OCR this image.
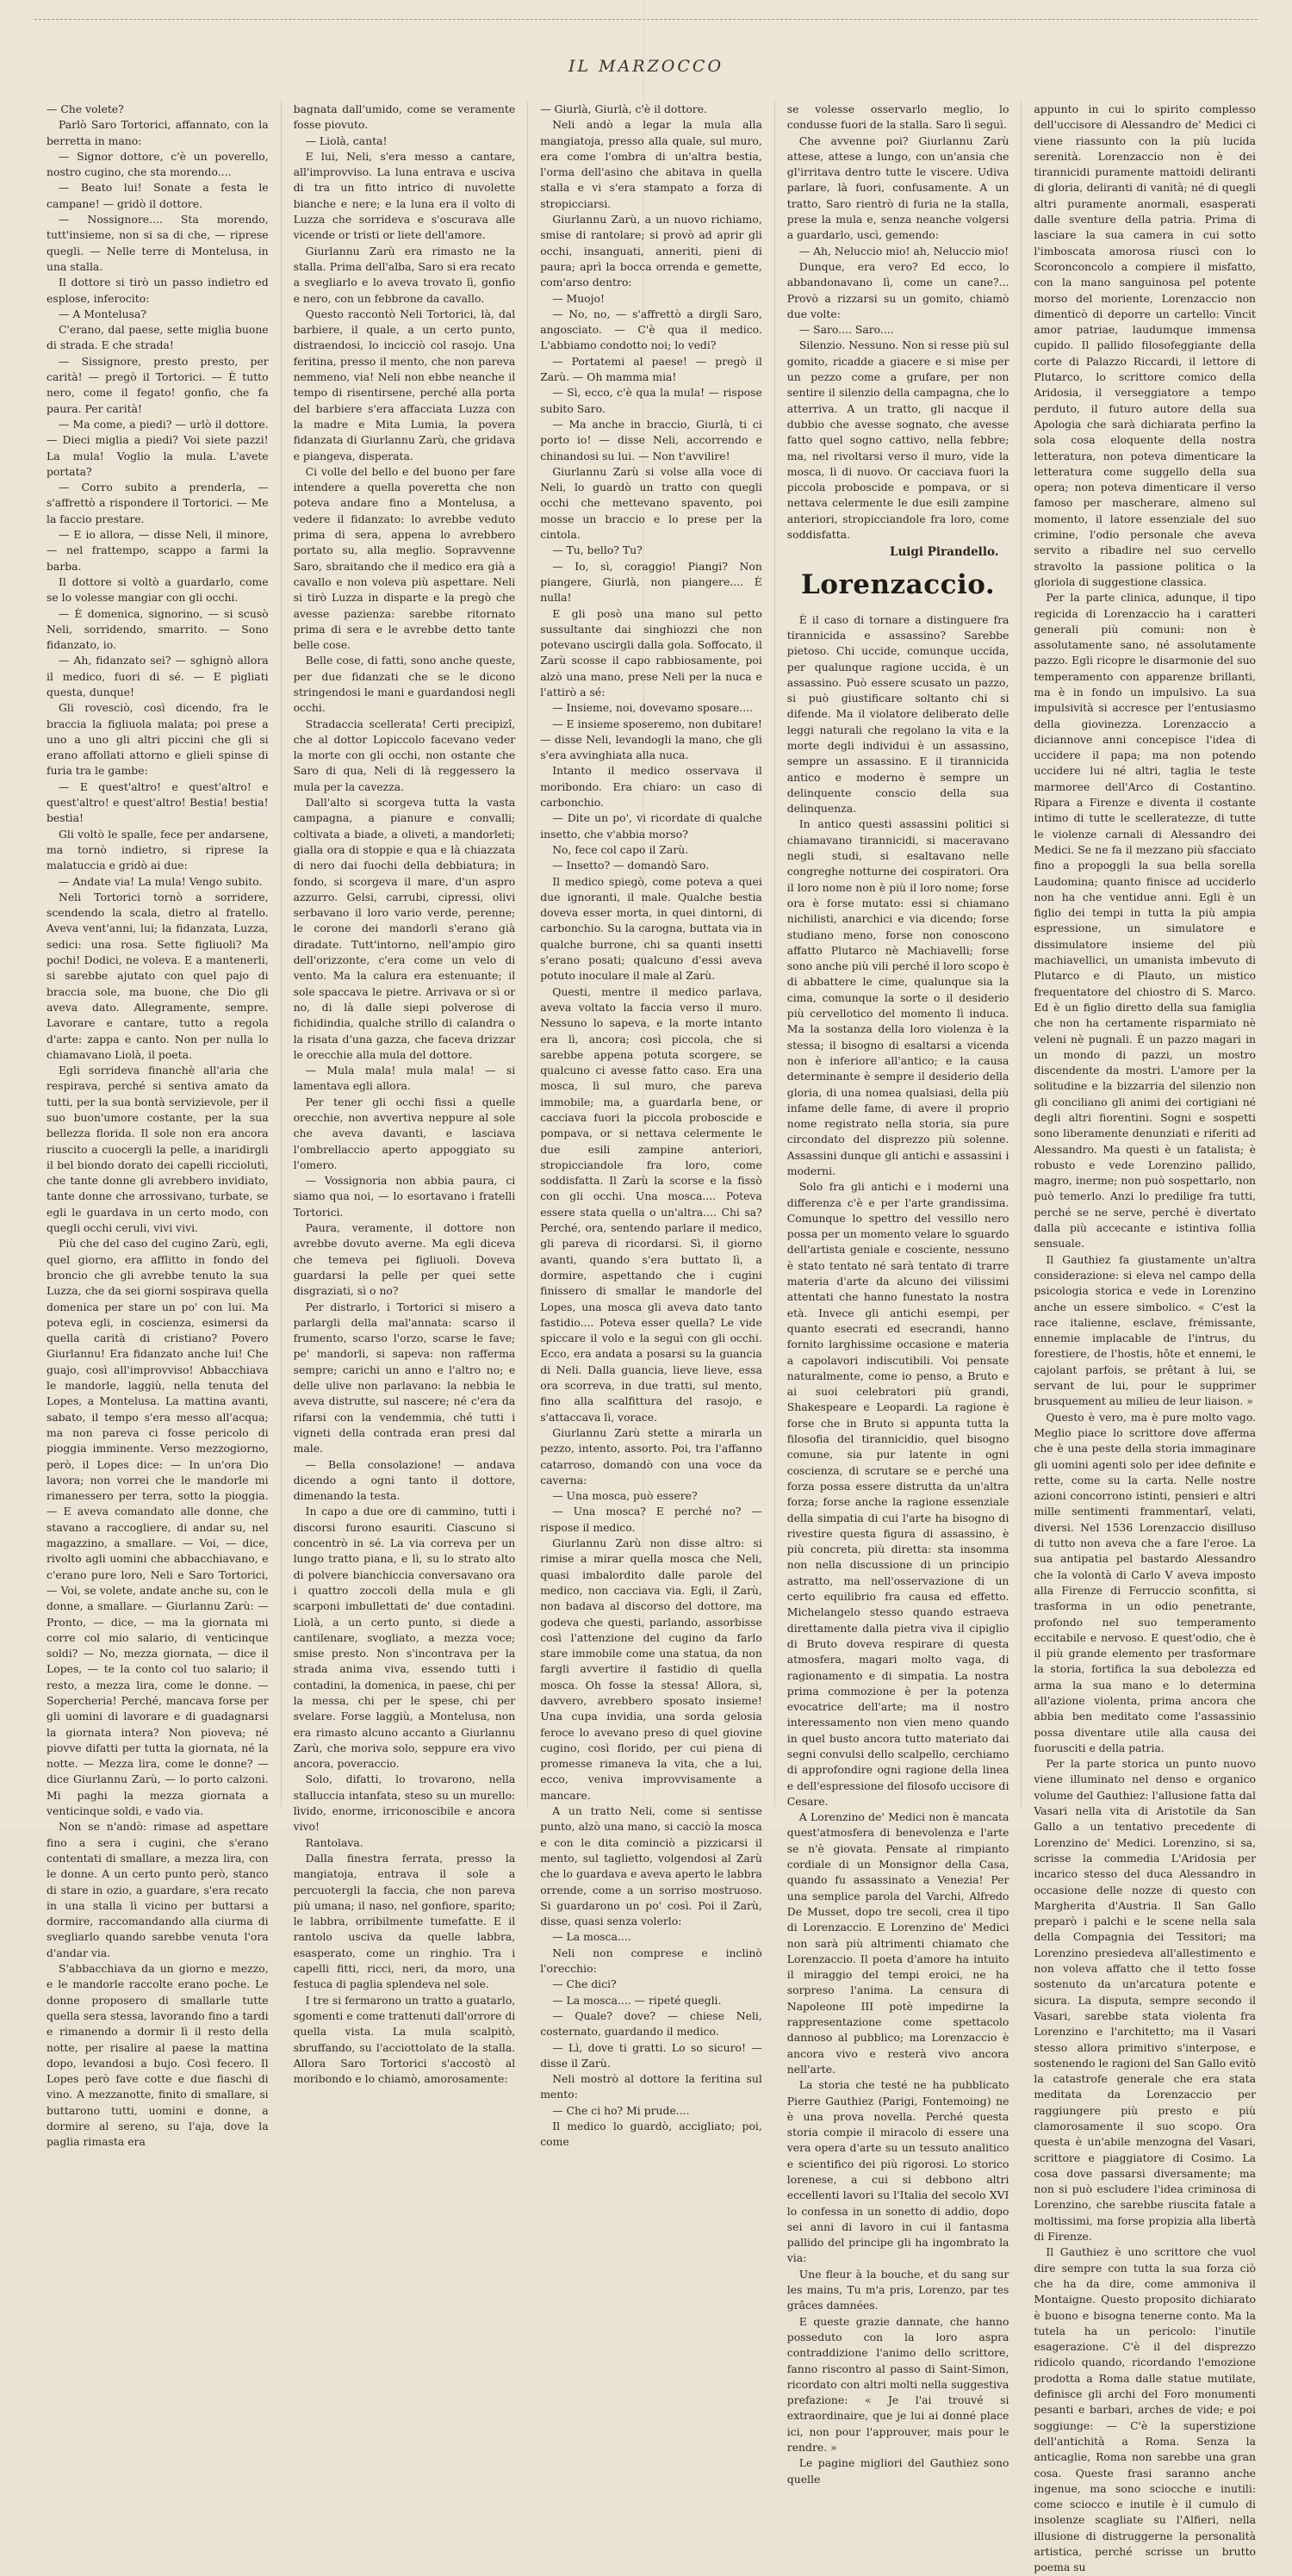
IL MARZOCCO

— Che volete?

Parlò Saro Tortorici, affannato, con la berretta in mano:

— Signor dottore, c'è un poverello, nostro cugino, che sta morendo....

— Beato lui! Sonate a festa le campane! — gridò il dottore.

— Nossignore.... Sta morendo, tutt'insieme, non si sa di che, — riprese quegli. — Nelle terre di Montelusa, in una stalla.

Il dottore si tirò un passo indietro ed esplose, inferocito:

— A Montelusa?

C'erano, dal paese, sette miglia buone di strada. E che strada!

— Sissignore, presto presto, per carità! — pregò il Tortorici. — È tutto nero, come il fegato! gonfio, che fa paura. Per carità!

— Ma come, a piedi? — urlò il dottore. — Dieci miglia a piedi? Voi siete pazzi! La mula! Voglio la mula. L'avete portata?

— Corro subito a prenderla, — s'affrettò a rispondere il Tortorici. — Me la faccio prestare.

— E io allora, — disse Neli, il minore, — nel frattempo, scappo a farmi la barba.

Il dottore si voltò a guardarlo, come se lo volesse mangiar con gli occhi.

— È domenica, signorino, — si scusò Neli, sorridendo, smarrito. — Sono fidanzato, io.

— Ah, fidanzato sei? — sghignò allora il medico, fuori di sé. — E pìgliati questa, dunque!

Gli rovesciò, così dicendo, fra le braccia la figliuola malata; poi prese a uno a uno gli altri piccini che gli si erano affollati attorno e glieli spinse di furia tra le gambe:

— E quest'altro! e quest'altro! e quest'altro! e quest'altro! Bestia! bestia! bestia!

Gli voltò le spalle, fece per andarsene, ma tornò indietro, si riprese la malatuccia e gridò ai due:

— Andate via! La mula! Vengo subito.

Neli Tortorici tornò a sorridere, scendendo la scala, dietro al fratello. Aveva vent'anni, lui; la fidanzata, Luzza, sedici: una rosa. Sette figliuoli? Ma pochi! Dodici, ne voleva. E a mantenerli, si sarebbe ajutato con quel pajo di braccia sole, ma buone, che Dio gli aveva dato. Allegramente, sempre. Lavorare e cantare, tutto a regola d'arte: zappa e canto. Non per nulla lo chiamavano Liolà, il poeta.

Egli sorrideva financhè all'aria che respirava, perché si sentiva amato da tutti, per la sua bontà servizievole, per il suo buon'umore costante, per la sua bellezza florida. Il sole non era ancora riuscito a cuocergli la pelle, a inaridirgli il bel biondo dorato dei capelli ricciolutì, che tante donne gli avrebbero invidiato, tante donne che arrossivano, turbate, se egli le guardava in un certo modo, con quegli occhi ceruli, vivi vivi.

Più che del caso del cugino Zarù, egli, quel giorno, era afflitto in fondo del broncio che gli avrebbe tenuto la sua Luzza, che da sei giorni sospirava quella domenica per stare un po' con lui. Ma poteva egli, in coscienza, esimersi da quella carità di cristiano? Povero Giurlannu! Era fidanzato anche lui! Che guajo, così all'improvviso! Abbacchiava le mandorle, laggiù, nella tenuta del Lopes, a Montelusa. La mattina avanti, sabato, il tempo s'era messo all'acqua; ma non pareva ci fosse pericolo di pioggia imminente. Verso mezzogiorno, però, il Lopes dice: — In un'ora Dio lavora; non vorrei che le mandorle mi rimanessero per terra, sotto la pioggia. — E aveva comandato alle donne, che stavano a raccogliere, di andar su, nel magazzino, a smallare. — Voi, — dice, rivolto agli uomini che abbacchiavano, e c'erano pure loro, Neli e Saro Tortorici, — Voi, se volete, andate anche su, con le donne, a smallare. — Giurlannu Zarù: — Pronto, — dice, — ma la giornata mi corre col mio salario, di venticinque soldi? — No, mezza giornata, — dice il Lopes, — te la conto col tuo salario; il resto, a mezza lira, come le donne. — Sopercheria! Perché, mancava forse per gli uomini di lavorare e di guadagnarsi la giornata intera? Non pioveva; né piovve difatti per tutta la giornata, né la notte. — Mezza lira, come le donne? — dice Giurlannu Zarù, — lo porto calzoni. Mi paghi la mezza giornata a venticinque soldi, e vado via.

Non se n'andò: rimase ad aspettare fino a sera i cugini, che s'erano contentati di smallare, a mezza lira, con le donne. A un certo punto però, stanco di stare in ozio, a guardare, s'era recato in una stalla lì vicino per buttarsi a dormire, raccomandando alla ciurma di svegliarlo quando sarebbe venuta l'ora d'andar via.

S'abbacchiava da un giorno e mezzo, e le mandorle raccolte erano poche. Le donne proposero di smallarle tutte quella sera stessa, lavorando fino a tardi e rimanendo a dormir lì il resto della notte, per risalire al paese la mattina dopo, levandosi a bujo. Così fecero. Il Lopes però fave cotte e due fiaschi di vino. A mezzanotte, finito di smallare, si buttarono tutti, uomini e donne, a dormire al sereno, su l'aja, dove la paglia rimasta era

bagnata dall'umido, come se veramente fosse piovuto.

— Liolà, canta!

E lui, Neli, s'era messo a cantare, all'improvviso. La luna entrava e usciva di tra un fitto intrico di nuvolette bianche e nere; e la luna era il volto di Luzza che sorrideva e s'oscurava alle vicende or tristi or liete dell'amore.

Giurlannu Zarù era rimasto ne la stalla. Prima dell'alba, Saro si era recato a svegliarlo e lo aveva trovato lì, gonfio e nero, con un febbrone da cavallo.

Questo raccontò Neli Tortorici, là, dal barbiere, il quale, a un certo punto, distraendosi, lo incicciò col rasojo. Una feritina, presso il mento, che non pareva nemmeno, via! Neli non ebbe neanche il tempo di risentirsene, perché alla porta del barbiere s'era affacciata Luzza con la madre e Mita Lumia, la povera fidanzata di Giurlannu Zarù, che gridava e piangeva, disperata.

Ci volle del bello e del buono per fare intendere a quella poveretta che non poteva andare fino a Montelusa, a vedere il fidanzato: lo avrebbe veduto prima di sera, appena lo avrebbero portato su, alla meglio. Sopravvenne Saro, sbraitando che il medico era già a cavallo e non voleva più aspettare. Neli si tirò Luzza in disparte e la pregò che avesse pazienza: sarebbe ritornato prima di sera e le avrebbe detto tante belle cose.

Belle cose, di fatti, sono anche queste, per due fidanzati che se le dicono stringendosi le mani e guardandosi negli occhi.

Stradaccia scellerata! Certi precipizî, che al dottor Lopiccolo facevano veder la morte con gli occhi, non ostante che Saro di qua, Neli di là reggessero la mula per la cavezza.

Dall'alto si scorgeva tutta la vasta campagna, a pianure e convalli; coltivata a biade, a oliveti, a mandorleti; gialla ora di stoppie e qua e là chiazzata di nero dai fuochi della debbiatura; in fondo, si scorgeva il mare, d'un aspro azzurro. Gelsi, carrubi, cipressi, olivi serbavano il loro vario verde, perenne; le corone dei mandorli s'erano già diradate. Tutt'intorno, nell'ampio giro dell'orizzonte, c'era come un velo di vento. Ma la calura era estenuante; il sole spaccava le pietre. Arrivava or sì or no, di là dalle siepi polverose di fichidindia, qualche strillo di calandra o la risata d'una gazza, che faceva drizzar le orecchie alla mula del dottore.

— Mula mala! mula mala! — si lamentava egli allora.

Per tener gli occhi fissi a quelle orecchie, non avvertiva neppure al sole che aveva davanti, e lasciava l'ombrellaccio aperto appoggiato su l'omero.

— Vossignoria non abbia paura, ci siamo qua noi, — lo esortavano i fratelli Tortorici.

Paura, veramente, il dottore non avrebbe dovuto averne. Ma egli diceva che temeva pei figliuoli. Doveva guardarsi la pelle per quei sette disgraziati, sì o no?

Per distrarlo, i Tortorici si misero a parlargli della mal'annata: scarso il frumento, scarso l'orzo, scarse le fave; pe' mandorli, si sapeva: non rafferma sempre; carichi un anno e l'altro no; e delle ulive non parlavano: la nebbia le aveva distrutte, sul nascere; né c'era da rifarsi con la vendemmia, ché tutti i vigneti della contrada eran presi dal male.

— Bella consolazione! — andava dicendo a ogni tanto il dottore, dimenando la testa.

In capo a due ore di cammino, tutti i discorsi furono esauriti. Ciascuno si concentrò in sé. La via correva per un lungo tratto piana, e lì, su lo strato alto di polvere bianchiccia conversavano ora i quattro zoccoli della mula e gli scarponi imbullettati de' due contadini. Liolà, a un certo punto, si diede a cantilenare, svogliato, a mezza voce; smise presto. Non s'incontrava per la strada anima viva, essendo tutti i contadini, la domenica, in paese, chi per la messa, chi per le spese, chi per svelare. Forse laggiù, a Montelusa, non era rimasto alcuno accanto a Giurlannu Zarù, che moriva solo, seppure era vivo ancora, poveraccio.

Solo, difatti, lo trovarono, nella stalluccia intanfata, steso su un murello: lìvido, enorme, irriconoscibile e ancora vivo!

Rantolava.

Dalla finestra ferrata, presso la mangiatoja, entrava il sole a percuotergli la faccia, che non pareva più umana; il naso, nel gonfiore, sparito; le labbra, orribilmente tumefatte. E il rantolo usciva da quelle labbra, esasperato, come un ringhio. Tra i capelli fitti, ricci, neri, da moro, una festuca di paglia splendeva nel sole.

I tre si fermarono un tratto a guatarlo, sgomenti e come trattenuti dall'orrore di quella vista. La mula scalpitò, sbruffando, su l'acciottolato de la stalla. Allora Saro Tortorici s'accostò al moribondo e lo chiamò, amorosamente:

— Giurlà, Giurlà, c'è il dottore.

Neli andò a legar la mula alla mangiatoja, presso alla quale, sul muro, era come l'ombra di un'altra bestia, l'orma dell'asino che abitava in quella stalla e vi s'era stampato a forza di stropicciarsi.

Giurlannu Zarù, a un nuovo richiamo, smise di rantolare; si provò ad aprir gli occhi, insanguati, anneriti, pieni di paura; aprì la bocca orrenda e gemette, com'arso dentro:

— Muojo!

— No, no, — s'affrettò a dirgli Saro, angosciato. — C'è qua il medico. L'abbiamo condotto noi; lo vedi?

— Portatemi al paese! — pregò il Zarù. — Oh mamma mia!

— Sì, ecco, c'è qua la mula! — rispose subito Saro.

— Ma anche in braccio, Giurlà, ti ci porto io! — disse Neli, accorrendo e chinandosi su lui. — Non t'avvilire!

Giurlannu Zarù si volse alla voce di Neli, lo guardò un tratto con quegli occhi che mettevano spavento, poi mosse un braccio e lo prese per la cintola.

— Tu, bello? Tu?

— Io, sì, coraggio! Piangi? Non piangere, Giurlà, non piangere.... È nulla!

E gli posò una mano sul petto sussultante dai singhiozzi che non potevano uscirgli dalla gola. Soffocato, il Zarù scosse il capo rabbiosamente, poi alzò una mano, prese Neli per la nuca e l'attirò a sé:

— Insieme, noi, dovevamo sposare....

— E insieme sposeremo, non dubitare! — disse Neli, levandogli la mano, che gli s'era avvinghiata alla nuca.

Intanto il medico osservava il moribondo. Era chiaro: un caso di carbonchio.

— Dite un po', vi ricordate di qualche insetto, che v'abbia morso?

No, fece col capo il Zarù.

— Insetto? — domandò Saro.

Il medico spiegò, come poteva a quei due ignoranti, il male. Qualche bestia doveva esser morta, in quei dintorni, di carbonchio. Su la carogna, buttata via in qualche burrone, chi sa quanti insetti s'erano posati; qualcuno d'essi aveva potuto inoculare il male al Zarù.

Questi, mentre il medico parlava, aveva voltato la faccia verso il muro. Nessuno lo sapeva, e la morte intanto era lì, ancora; così piccola, che si sarebbe appena potuta scorgere, se qualcuno ci avesse fatto caso. Era una mosca, lì sul muro, che pareva immobile; ma, a guardarla bene, or cacciava fuori la piccola proboscide e pompava, or si nettava celermente le due esili zampine anteriori, stropicciandole fra loro, come soddisfatta. Il Zarù la scorse e la fissò con gli occhi. Una mosca.... Poteva essere stata quella o un'altra.... Chi sa? Perché, ora, sentendo parlare il medico, gli pareva di ricordarsi. Sì, il giorno avanti, quando s'era buttato lì, a dormire, aspettando che i cugini finissero di smallar le mandorle del Lopes, una mosca gli aveva dato tanto fastidio.... Poteva esser quella? Le vide spiccare il volo e la seguì con gli occhi. Ecco, era andata a posarsi su la guancia di Neli. Dalla guancia, lieve lieve, essa ora scorreva, in due tratti, sul mento, fino alla scalfittura del rasojo, e s'attaccava lì, vorace.

Giurlannu Zarù stette a mirarla un pezzo, intento, assorto. Poi, tra l'affanno catarroso, domandò con una voce da caverna:

— Una mosca, può essere?

— Una mosca? E perché no? — rispose il medico.

Giurlannu Zarù non disse altro: si rimise a mirar quella mosca che Neli, quasi imbalordito dalle parole del medico, non cacciava via. Egli, il Zarù, non badava al discorso del dottore, ma godeva che questi, parlando, assorbisse così l'attenzione del cugino da farlo stare immobile come una statua, da non fargli avvertire il fastidio di quella mosca. Oh fosse la stessa! Allora, sì, davvero, avrebbero sposato insieme! Una cupa invidia, una sorda gelosia feroce lo avevano preso di quel giovine cugino, così florido, per cui piena di promesse rimaneva la vita, che a lui, ecco, veniva improvvisamente a mancare.

A un tratto Neli, come si sentisse punto, alzò una mano, si cacciò la mosca e con le dita cominciò a pizzicarsi il mento, sul taglietto, volgendosi al Zarù che lo guardava e aveva aperto le labbra orrende, come a un sorriso mostruoso. Si guardarono un po' così. Poi il Zarù, disse, quasi senza volerlo:

— La mosca....

Neli non comprese e inclinò l'orecchio:

— Che dici?

— La mosca.... — ripeté quegli.

— Quale? dove? — chiese Neli, costernato, guardando il medico.

— Lì, dove ti gratti. Lo so sicuro! — disse il Zarù.

Neli mostrò al dottore la feritina sul mento:

— Che ci ho? Mi prude....

Il medico lo guardò, accigliato; poi, come

se volesse osservarlo meglio, lo condusse fuori de la stalla. Saro lì seguì.

Che avvenne poi? Giurlannu Zarù attese, attese a lungo, con un'ansia che gl'irritava dentro tutte le viscere. Udiva parlare, là fuori, confusamente. A un tratto, Saro rientrò di furia ne la stalla, prese la mula e, senza neanche volgersi a guardarlo, uscì, gemendo:

— Ah, Neluccio mio! ah, Neluccio mio!

Dunque, era vero? Ed ecco, lo abbandonavano lì, come un cane?... Provò a rizzarsi su un gomito, chiamò due volte:

— Saro.... Saro....

Silenzio. Nessuno. Non si resse più sul gomito, ricadde a giacere e si mise per un pezzo come a grufare, per non sentire il silenzio della campagna, che lo atterriva. A un tratto, gli nacque il dubbio che avesse sognato, che avesse fatto quel sogno cattivo, nella febbre; ma, nel rivoltarsi verso il muro, vide la mosca, lì di nuovo. Or cacciava fuori la piccola proboscide e pompava, or si nettava celermente le due esili zampine anteriori, stropicciandole fra loro, come soddisfatta.

Luigi Pirandello.

Lorenzaccio.

È il caso di tornare a distinguere fra tirannicida e assassino? Sarebbe pietoso. Chi uccide, comunque uccida, per qualunque ragione uccida, è un assassino. Può essere scusato un pazzo, si può giustificare soltanto chi si difende. Ma il violatore deliberato delle leggi naturali che regolano la vita e la morte degli individui è un assassino, sempre un assassino. E il tirannicida antico e moderno è sempre un delinquente conscio della sua delinquenza.

In antico questi assassini politici si chiamavano tirannicidi, si maceravano negli studi, si esaltavano nelle congreghe notturne dei cospiratori. Ora il loro nome non è più il loro nome; forse ora è forse mutato: essi si chiamano nichilisti, anarchici e via dicendo; forse studiano meno, forse non conoscono affatto Plutarco nè Machiavelli; forse sono anche più vili perché il loro scopo è di abbattere le cime, qualunque sia la cima, comunque la sorte o il desiderio più cervellotico del momento lì induca. Ma la sostanza della loro violenza è la stessa; il bisogno di esaltarsi a vicenda non è inferiore all'antico; e la causa determinante è sempre il desiderio della gloria, di una nomea qualsiasi, della più infame delle fame, di avere il proprio nome registrato nella storia, sia pure circondato del disprezzo più solenne. Assassini dunque gli antichi e assassini i moderni.

Solo fra gli antichi e i moderni una differenza c'è e per l'arte grandissima. Comunque lo spettro del vessillo nero possa per un momento velare lo sguardo dell'artista geniale e cosciente, nessuno è stato tentato né sarà tentato di trarre materia d'arte da alcuno dei vilissimi attentati che hanno funestato la nostra età. Invece gli antichi esempi, per quanto esecrati ed esecrandi, hanno fornito larghissime occasione e materia a capolavori indiscutibili. Voi pensate naturalmente, come io penso, a Bruto e ai suoi celebratori più grandi, Shakespeare e Leopardi. La ragione è forse che in Bruto si appunta tutta la filosofia del tirannicidio, quel bisogno comune, sia pur latente in ogni coscienza, di scrutare se e perché una forza possa essere distrutta da un'altra forza; forse anche la ragione essenziale della simpatia di cui l'arte ha bisogno di rivestire questa figura di assassino, è più concreta, più diretta: sta insomma non nella discussione di un principio astratto, ma nell'osservazione di un certo equilibrio fra causa ed effetto. Michelangelo stesso quando estraeva direttamente dalla pietra viva il cipiglio di Bruto doveva respirare di questa atmosfera, magari molto vaga, di ragionamento e di simpatia. La nostra prima commozione è per la potenza evocatrice dell'arte; ma il nostro interessamento non vien meno quando in quel busto ancora tutto materiato dai segni convulsi dello scalpello, cerchiamo di approfondire ogni ragione della linea e dell'espressione del filosofo uccisore di Cesare.

A Lorenzino de' Medici non è mancata quest'atmosfera di benevolenza e l'arte se n'è giovata. Pensate al rimpianto cordiale di un Monsignor della Casa, quando fu assassinato a Venezia! Per una semplice parola del Varchi, Alfredo De Musset, dopo tre secoli, crea il tipo di Lorenzaccio. E Lorenzino de' Medici non sarà più altrimenti chiamato che Lorenzaccio. Il poeta d'amore ha intuito il miraggio del tempi eroici, ne ha sorpreso l'anima. La censura di Napoleone III potè impedirne la rappresentazione come spettacolo dannoso al pubblico; ma Lorenzaccio è ancora vivo e resterà vivo ancora nell'arte.

La storia che testé ne ha pubblicato Pierre Gauthiez (Parigi, Fontemoing) ne è una prova novella. Perché questa storia compie il miracolo di essere una vera opera d'arte su un tessuto analitico e scientifico dei più rigorosi. Lo storico lorenese, a cui si debbono altri eccellenti lavori su l'Italia del secolo XVI lo confessa in un sonetto di addio, dopo sei anni di lavoro in cui il fantasma pallido del principe gli ha ingombrato la via:

Une fleur à la bouche, et du sang sur les mains, Tu m'a pris, Lorenzo, par tes grâces damnées.

E queste grazie dannate, che hanno posseduto con la loro aspra contraddizione l'animo dello scrittore, fanno riscontro al passo di Saint-Simon, ricordato con altri molti nella suggestiva prefazione: « Je l'ai trouvé si extraordinaire, que je lui ai donné place ici, non pour l'approuver, mais pour le rendre. »

Le pagine migliori del Gauthiez sono quelle

appunto in cui lo spirito complesso dell'uccisore di Alessandro de' Medici ci viene riassunto con la più lucida serenità. Lorenzaccio non è dei tirannicidi puramente mattoidi deliranti di gloria, deliranti di vanità; né di quegli altri puramente anormali, esasperati dalle sventure della patria. Prima di lasciare la sua camera in cui sotto l'imboscata amorosa riuscì con lo Scoronconcolo a compiere il misfatto, con la mano sanguinosa pel potente morso del moriente, Lorenzaccio non dimenticò di deporre un cartello: Vincit amor patriae, laudumque immensa cupido. Il pallido filosofeggiante della corte di Palazzo Riccardi, il lettore di Plutarco, lo scrittore comico della Aridosia, il verseggiatore a tempo perduto, il futuro autore della sua Apologia che sarà dichiarata perfino la sola cosa eloquente della nostra letteratura, non poteva dimenticare la letteratura come suggello della sua opera; non poteva dimenticare il verso famoso per mascherare, almeno sul momento, il latore essenziale del suo crimine, l'odio personale che aveva servito a ribadire nel suo cervello stravolto la passione politica o la gloriola di suggestione classica.

Per la parte clinica, adunque, il tipo regicida di Lorenzaccio ha i caratteri generali più comuni: non è assolutamente sano, né assolutamente pazzo. Egli ricopre le disarmonie del suo temperamento con apparenze brillanti, ma è in fondo un impulsivo. La sua impulsività si accresce per l'entusiasmo della giovinezza. Lorenzaccio a diciannove anni concepisce l'idea di uccidere il papa; ma non potendo uccidere lui né altri, taglia le teste marmoree dell'Arco di Costantino. Ripara a Firenze e diventa il costante intimo di tutte le scelleratezze, di tutte le violenze carnali di Alessandro dei Medici. Se ne fa il mezzano più sfacciato fino a propoggli la sua bella sorella Laudomina; quanto finisce ad ucciderlo non ha che ventidue anni. Egli è un figlio dei tempi in tutta la più ampia espressione, un simulatore e dissimulatore insieme del più machiavellici, un umanista imbevuto di Plutarco e di Plauto, un mistico frequentatore del chiostro di S. Marco. Ed è un figlio diretto della sua famiglia che non ha certamente risparmiato nè veleni nè pugnali. È un pazzo magari in un mondo di pazzi, un mostro discendente da mostri. L'amore per la solitudine e la bizzarria del silenzio non gli conciliano gli animi dei cortigiani né degli altri fiorentini. Sogni e sospetti sono liberamente denunziati e riferiti ad Alessandro. Ma questi è un fatalista; è robusto e vede Lorenzino pallido, magro, inerme; non può sospettarlo, non può temerlo. Anzi lo predilige fra tutti, perché se ne serve, perché è divertato dalla più accecante e istintiva follia sensuale.

Il Gauthiez fa giustamente un'altra considerazione: si eleva nel campo della psicologia storica e vede in Lorenzino anche un essere simbolico. « C'est la race italienne, esclave, frémissante, ennemie implacable de l'intrus, du forestiere, de l'hostis, hôte et ennemi, le cajolant parfois, se prêtant à lui, se servant de lui, pour le supprimer brusquement au milieu de leur liaison. »

Questo è vero, ma è pure molto vago. Meglio piace lo scrittore dove afferma che è una peste della storia immaginare gli uomini agenti solo per idee definite e rette, come su la carta. Nelle nostre azioni concorrono istinti, pensieri e altri mille sentimenti frammentarî, velati, diversi. Nel 1536 Lorenzaccio disilluso di tutto non aveva che a fare l'eroe. La sua antipatia pel bastardo Alessandro che la volontà di Carlo V aveva imposto alla Firenze di Ferruccio sconfitta, si trasforma in un odio penetrante, profondo nel suo temperamento eccitabile e nervoso. E quest'odio, che è il più grande elemento per trasformare la storia, fortifica la sua debolezza ed arma la sua mano e lo determina all'azione violenta, prima ancora che abbia ben meditato come l'assassinio possa diventare utile alla causa dei fuorusciti e della patria.

Per la parte storica un punto nuovo viene illuminato nel denso e organico volume del Gauthiez: l'allusione fatta dal Vasari nella vita di Aristotile da San Gallo a un tentativo precedente di Lorenzino de' Medici. Lorenzino, si sa, scrisse la commedia L'Aridosia per incarico stesso del duca Alessandro in occasione delle nozze di questo con Margherita d'Austria. Il San Gallo preparò i palchi e le scene nella sala della Compagnia dei Tessitori; ma Lorenzino presiedeva all'allestimento e non voleva affatto che il tetto fosse sostenuto da un'arcatura potente e sicura. La disputa, sempre secondo il Vasari, sarebbe stata violenta fra Lorenzino e l'architetto; ma il Vasari stesso allora primitivo s'interpose, e sostenendo le ragioni del San Gallo evitò la catastrofe generale che era stata meditata da Lorenzaccio per raggiungere più presto e più clamorosamente il suo scopo. Ora questa è un'abile menzogna del Vasari, scrittore e piaggiatore di Cosimo. La cosa dove passarsi diversamente; ma non si può escludere l'idea criminosa di Lorenzino, che sarebbe riuscita fatale a moltissimi, ma forse propizia alla libertà di Firenze.

Il Gauthiez è uno scrittore che vuol dire sempre con tutta la sua forza ciò che ha da dire, come ammoniva il Montaigne. Questo proposito dichiarato è buono e bisogna tenerne conto. Ma la tutela ha un pericolo: l'inutile esagerazione. C'è il del disprezzo ridicolo quando, ricordando l'emozione prodotta a Roma dalle statue mutilate, definisce gli archi del Foro monumenti pesanti e barbari, arches de vide; e poi soggiunge: — C'è la superstizione dell'antichità a Roma. Senza la anticaglie, Roma non sarebbe una gran cosa. Queste frasi saranno anche ingenue, ma sono sciocche e inutili: come sciocco e inutile è il cumulo di insolenze scagliate su l'Alfieri, nella illusione di distruggerne la personalità artistica, perché scrisse un brutto poema su
